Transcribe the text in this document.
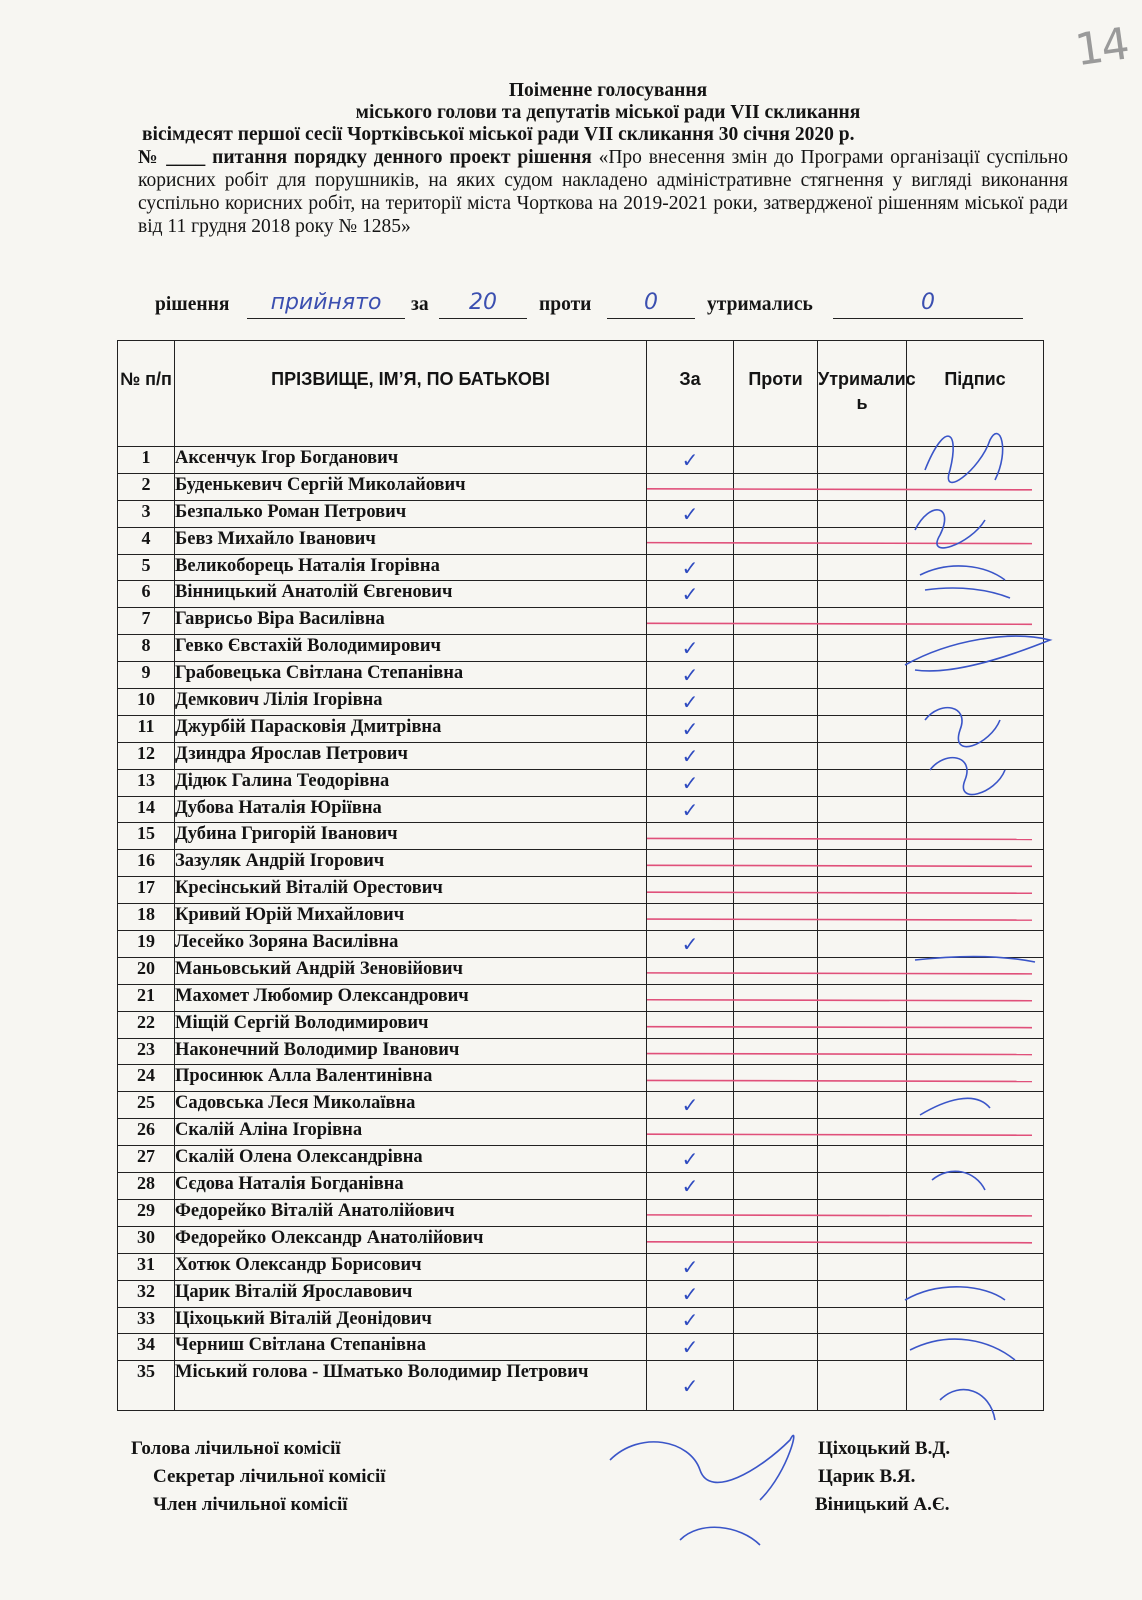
14

Поіменне голосування

міського голови та депутатів міської ради VII скликання

вісімдесят першої сесії Чортківської міської ради VII скликання 30 січня 2020 р.

№ ____ питання порядку денного проект рішення «Про внесення змін до Програми організації суспільно корисних робіт для порушників, на яких судом накладено адміністративне стягнення у вигляді виконання суспільно корисних робіт, на території міста Чорткова на 2019-2021 роки, затвердженої рішенням міської ради від 11 грудня 2018 року № 1285»

рішення	прийнято	за	20	проти	0	утримались	0
№ п/п	ПРІЗВИЩЕ, ІМ’Я, ПО БАТЬКОВІ	За	Проти	Утрималис ь	Підпис
1	Аксенчук Ігор Богданович	✓			
2	Буденькевич Сергій Миколайович				
3	Безпалько Роман Петрович	✓			
4	Бевз Михайло Іванович				
5	Великоборець Наталія Ігорівна	✓			
6	Вінницький Анатолій Євгенович	✓			
7	Гаврисьо Віра Василівна				
8	Гевко Євстахій Володимирович	✓			
9	Грабовецька Світлана Степанівна	✓			
10	Демкович Лілія Ігорівна	✓			
11	Джурбій Парасковія Дмитрівна	✓			
12	Дзиндра Ярослав Петрович	✓			
13	Дідюк Галина Теодорівна	✓			
14	Дубова Наталія Юріївна	✓			
15	Дубина Григорій Іванович				
16	Зазуляк Андрій Ігорович				
17	Кресінський Віталій Орестович				
18	Кривий Юрій Михайлович				
19	Лесейко Зоряна Василівна	✓			
20	Маньовський Андрій Зеновійович				
21	Махомет Любомир Олександрович				
22	Міщій Сергій Володимирович				
23	Наконечний Володимир Іванович				
24	Просинюк Алла Валентинівна				
25	Садовська Леся Миколаївна	✓			
26	Скалій Аліна Ігорівна				
27	Скалій Олена Олександрівна	✓			
28	Сєдова Наталія Богданівна	✓			
29	Федорейко Віталій Анатолійович				
30	Федорейко Олександр Анатолійович				
31	Хотюк Олександр Борисович	✓			
32	Царик Віталій Ярославович	✓			
33	Ціхоцький Віталій Деонідович	✓			
34	Черниш Світлана Степанівна	✓			
35	Міський голова - Шматько Володимир Петрович	✓			
Голова лічильної комісії
Секретар лічильної комісії
Член лічильної комісії
Ціхоцький В.Д.
Царик В.Я.
Віницький А.Є.
